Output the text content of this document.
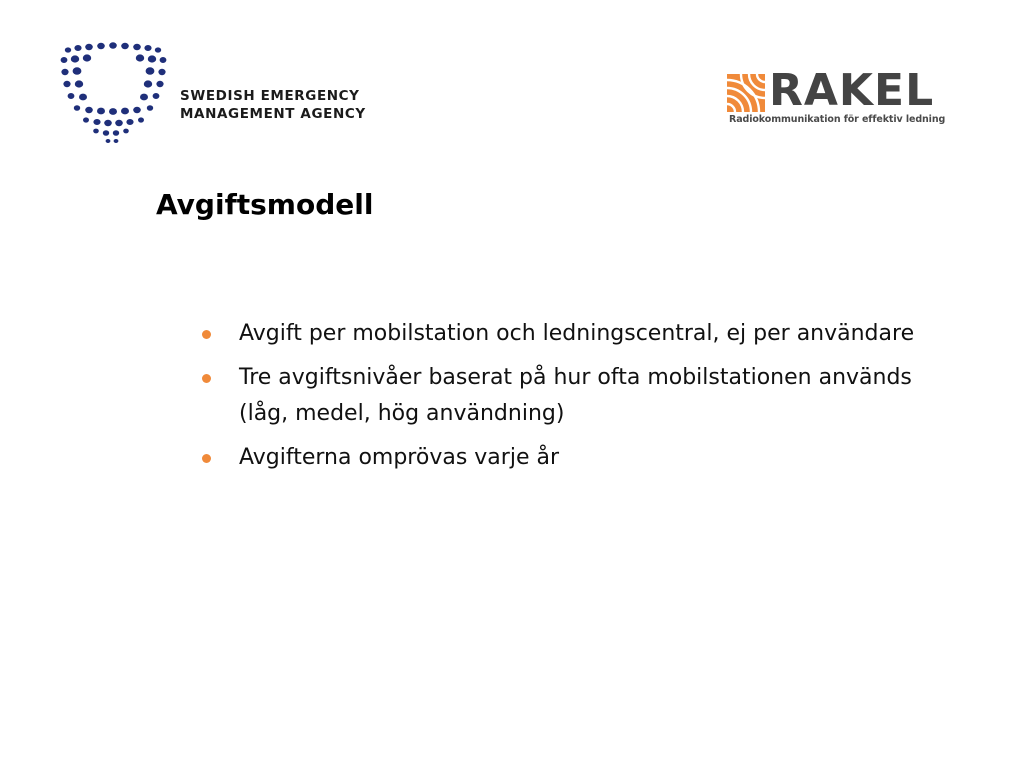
SWEDISH EMERGENCY
MANAGEMENT AGENCY	RAKEL
Radiokommunikation för effektiv ledning
Avgiftsmodell
Avgift per mobilstation och ledningscentral, ej per användare
Tre avgiftsnivåer baserat på hur ofta mobilstationen används (låg, medel, hög användning)
Avgifterna omprövas varje år
